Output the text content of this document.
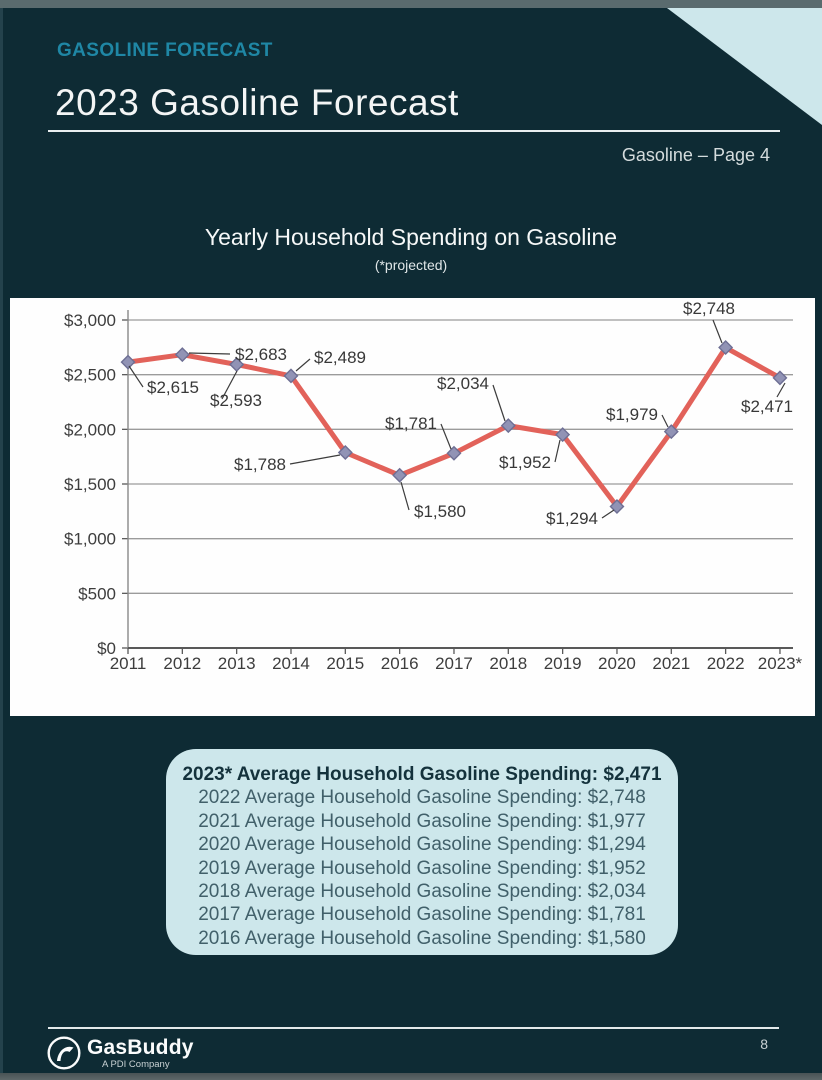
GASOLINE FORECAST
2023 Gasoline Forecast
Gasoline – Page 4
Yearly Household Spending on Gasoline
(*projected)
$0
$500
$1,000
$1,500
$2,000
$2,500
$3,000
2011 2012 2013 2014 2015 2016 2017 2018 2019 2020 2021 2022 2023*
$2,615
$2,683
$2,593
$2,489
$1,788
$1,580
$1,781
$2,034
$1,952
$1,294
$1,979
$2,748
$2,471
2023* Average Household Gasoline Spending: $2,471
2022 Average Household Gasoline Spending: $2,748
2021 Average Household Gasoline Spending: $1,977
2020 Average Household Gasoline Spending: $1,294
2019 Average Household Gasoline Spending: $1,952
2018 Average Household Gasoline Spending: $2,034
2017 Average Household Gasoline Spending: $1,781
2016 Average Household Gasoline Spending: $1,580
GasBuddy
A PDI Company
8
